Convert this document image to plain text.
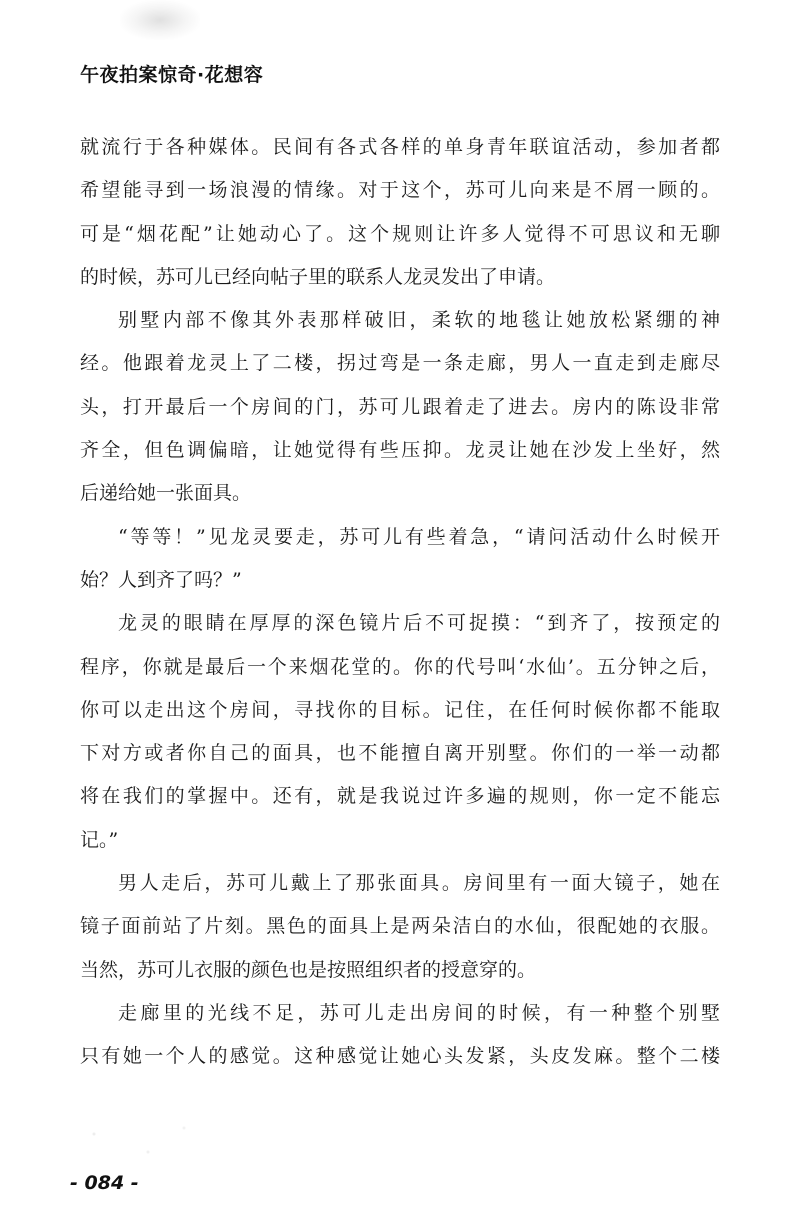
午夜拍案惊奇·花想容

就流行于各种媒体。民间有各式各样的单身青年联谊活动，参加者都

希望能寻到一场浪漫的情缘。对于这个，苏可儿向来是不屑一顾的。

可是“烟花配”让她动心了。这个规则让许多人觉得不可思议和无聊

的时候，苏可儿已经向帖子里的联系人龙灵发出了申请。

别墅内部不像其外表那样破旧，柔软的地毯让她放松紧绷的神

经。他跟着龙灵上了二楼，拐过弯是一条走廊，男人一直走到走廊尽

头，打开最后一个房间的门，苏可儿跟着走了进去。房内的陈设非常

齐全，但色调偏暗，让她觉得有些压抑。龙灵让她在沙发上坐好，然

后递给她一张面具。

“等等！”见龙灵要走，苏可儿有些着急，“请问活动什么时候开

始？人到齐了吗？”

龙灵的眼睛在厚厚的深色镜片后不可捉摸：“到齐了，按预定的

程序，你就是最后一个来烟花堂的。你的代号叫‘水仙’。五分钟之后，

你可以走出这个房间，寻找你的目标。记住，在任何时候你都不能取

下对方或者你自己的面具，也不能擅自离开别墅。你们的一举一动都

将在我们的掌握中。还有，就是我说过许多遍的规则，你一定不能忘

记。”

男人走后，苏可儿戴上了那张面具。房间里有一面大镜子，她在

镜子面前站了片刻。黑色的面具上是两朵洁白的水仙，很配她的衣服。

当然，苏可儿衣服的颜色也是按照组织者的授意穿的。

走廊里的光线不足，苏可儿走出房间的时候，有一种整个别墅

只有她一个人的感觉。这种感觉让她心头发紧，头皮发麻。整个二楼

- 084 -
